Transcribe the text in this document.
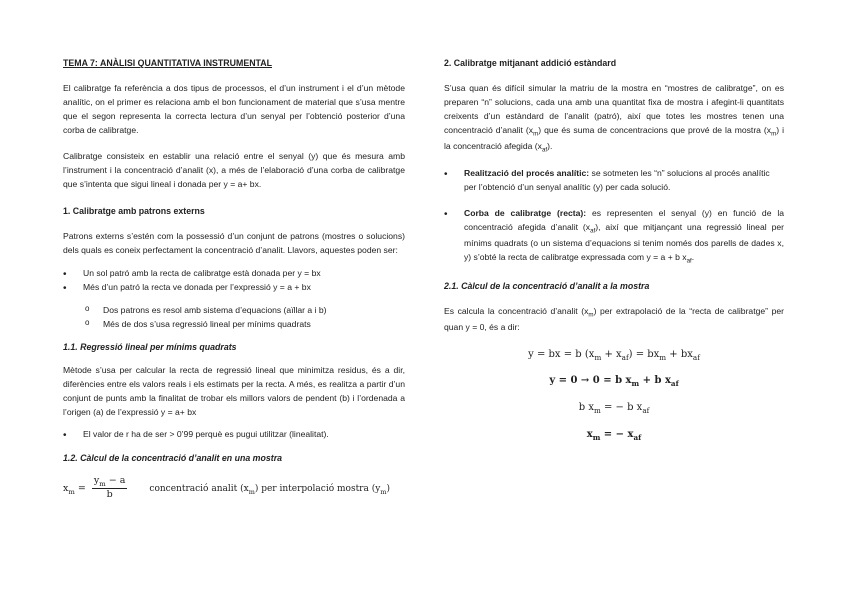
TEMA 7: ANÀLISI QUANTITATIVA INSTRUMENTAL

El calibratge fa referència a dos tipus de processos, el d’un instrument i el d’un mètode analític, on el primer es relaciona amb el bon funcionament de material que s’usa mentre que el segon representa la correcta lectura d’un senyal per l’obtenció posterior d’una corba de calibratge.

Calibratge consisteix en establir una relació entre el senyal (y) que és mesura amb l’instrument i la concentració d’analit (x), a més de l’elaboració d’una corba de calibratge que s’intenta que sigui lineal i donada per y = a+ bx.

1. Calibratge amb patrons externs

Patrons externs s’estén com la possessió d’un conjunt de patrons (mostres o solucions) dels quals es coneix perfectament la concentració d’analit. Llavors, aquestes poden ser:

• Un sol patró amb la recta de calibratge està donada per y = bx
• Més d’un patró la recta ve donada per l’expressió y = a + bx
o Dos patrons es resol amb sistema d’equacions (aïllar a i b)
o Més de dos s’usa regressió lineal per mínims quadrats
1.1. Regressió lineal per mínims quadrats

Mètode s’usa per calcular la recta de regressió lineal que minimitza residus, és a dir, diferències entre els valors reals i els estimats per la recta. A més, es realitza a partir d’un conjunt de punts amb la finalitat de trobar els millors valors de pendent (b) i l’ordenada a l’origen (a) de l’expressió y = a+ bx

• El valor de r ha de ser > 0’99 perquè es pugui utilitzar (linealitat).
1.2. Càlcul de la concentració d’analit en una mostra
$x_m = \frac{y_m - a}{b}$ concentració analit $(x_m)$ per interpolació mostra $(y_m)$
2. Calibratge mitjanant addició estàndard

S’usa quan és difícil simular la matriu de la mostra en “mostres de calibratge”, on es preparen “n” solucions, cada una amb una quantitat fixa de mostra i afegint-li quantitats creixents d’un estàndard de l’analit (patró), així que totes les mostres tenen una concentració d’analit $(x_m)$ que és suma de concentracions que prové de la mostra $(x_m)$ i la concentració afegida $(x_{af})$.

• Realització del procés analític: se sotmeten les “n” solucions al procés analític per l’obtenció d’un senyal analític (y) per cada solució.
• Corba de calibratge (recta): es representen el senyal (y) en funció de la concentració afegida d’analit $(x_{af})$, així que mitjançant una regressió lineal per mínims quadrats (o un sistema d’equacions si tenim només dos parells de dades x, y) s’obté la recta de calibratge expressada com y = a + b $x_{af}$.
2.1. Càlcul de la concentració d’analit a la mostra

Es calcula la concentració d’analit $(x_m)$ per extrapolació de la “recta de calibratge” per quan y = 0, és a dir:

y = bx = b $(x_m + x_{af}) = bx_m + bx_{af}$
y = 0 → 0 = b $x_m + b$ $x_{af}$
b $x_m$ = − b $x_{af}$
$x_m$ = − $x_{af}$
